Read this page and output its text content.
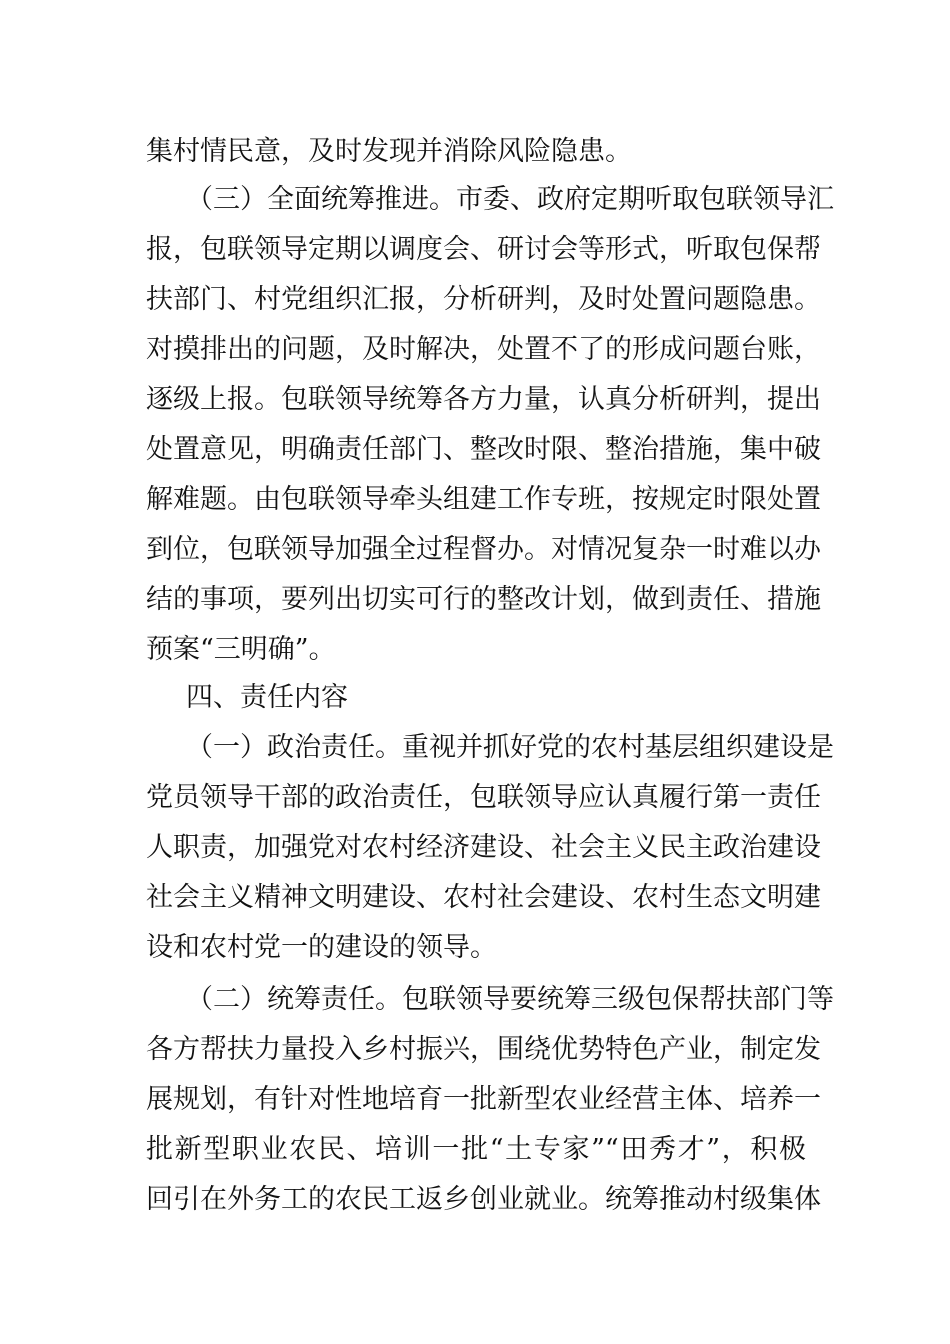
集村情民意，及时发现并消除风险隐患。
（三）全面统筹推进。市委、政府定期听取包联领导汇
报，包联领导定期以调度会、研讨会等形式，听取包保帮
扶部门、村党组织汇报，分析研判，及时处置问题隐患。
对摸排出的问题，及时解决，处置不了的形成问题台账，
逐级上报。包联领导统筹各方力量，认真分析研判，提出
处置意见，明确责任部门、整改时限、整治措施，集中破
解难题。由包联领导牵头组建工作专班，按规定时限处置
到位，包联领导加强全过程督办。对情况复杂一时难以办
结的事项，要列出切实可行的整改计划，做到责任、措施
预案“三明确”。
四、责任内容
（一）政治责任。重视并抓好党的农村基层组织建设是
党员领导干部的政治责任，包联领导应认真履行第一责任
人职责，加强党对农村经济建设、社会主义民主政治建设
社会主义精神文明建设、农村社会建设、农村生态文明建
设和农村党一的建设的领导。
（二）统筹责任。包联领导要统筹三级包保帮扶部门等
各方帮扶力量投入乡村振兴，围绕优势特色产业，制定发
展规划，有针对性地培育一批新型农业经营主体、培养一
批新型职业农民、培训一批“土专家”“田秀才”，积极
回引在外务工的农民工返乡创业就业。统筹推动村级集体
